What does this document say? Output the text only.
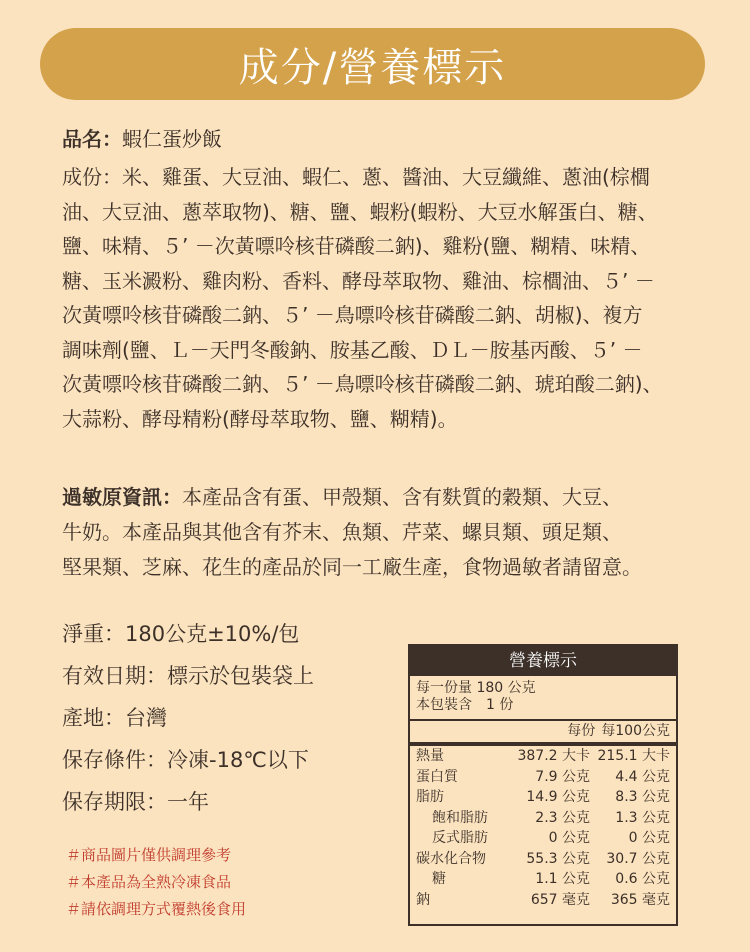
成分/營養標示
品名：蝦仁蛋炒飯
成份：米、雞蛋、大豆油、蝦仁、蔥、醬油、大豆纖維、蔥油(棕櫚
油、大豆油、蔥萃取物)、糖、鹽、蝦粉(蝦粉、大豆水解蛋白、糖、
鹽、味精、５’ －次黃嘌呤核苷磷酸二鈉)、雞粉(鹽、糊精、味精、
糖、玉米澱粉、雞肉粉、香料、酵母萃取物、雞油、棕櫚油、５’ －
次黃嘌呤核苷磷酸二鈉、５’ －鳥嘌呤核苷磷酸二鈉、胡椒)、複方
調味劑(鹽、Ｌ－天門冬酸鈉、胺基乙酸、ＤＬ－胺基丙酸、５’ －
次黃嘌呤核苷磷酸二鈉、５’ －鳥嘌呤核苷磷酸二鈉、琥珀酸二鈉)、
大蒜粉、酵母精粉(酵母萃取物、鹽、糊精)。
過敏原資訊：本產品含有蛋、甲殼類、含有麩質的穀類、大豆、
牛奶。本產品與其他含有芥末、魚類、芹菜、螺貝類、頭足類、
堅果類、芝麻、花生的產品於同一工廠生產，食物過敏者請留意。
淨重：180公克±10%/包
有效日期：標示於包裝袋上
產地：台灣
保存條件：冷凍-18℃以下
保存期限：一年
＃商品圖片僅供調理參考
＃本產品為全熟冷凍食品
＃請依調理方式覆熱後食用
營養標示
每一份量 180 公克
本包裝含　1 份
每份 每100公克
熱量	387.2 大卡 215.1 大卡
蛋白質	7.9 公克	4.4 公克
脂肪	14.9 公克	8.3 公克
飽和脂肪	2.3 公克	1.3 公克
反式脂肪	0 公克	0 公克
碳水化合物	55.3 公克	30.7 公克
糖	1.1 公克	0.6 公克
鈉	657 毫克	365 毫克
